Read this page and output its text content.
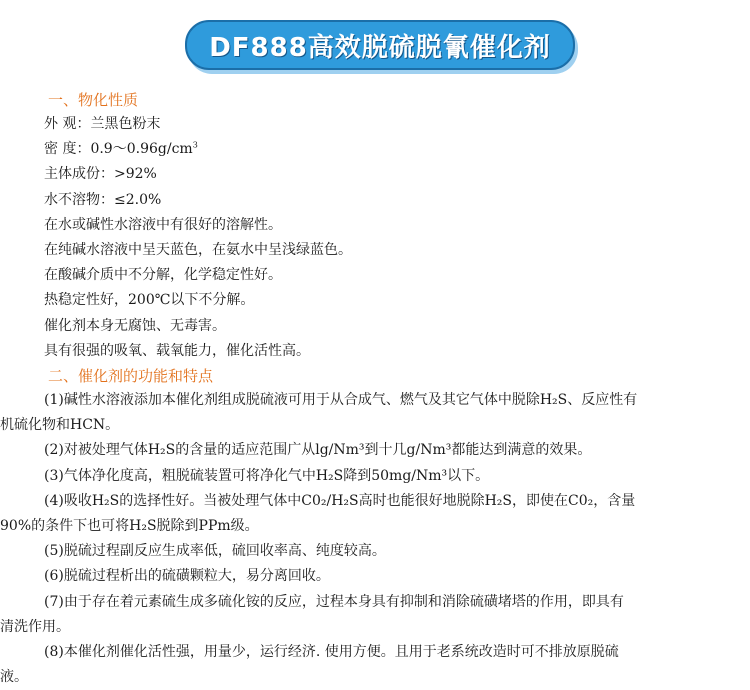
DF888高效脱硫脱氰催化剂
一、物化性质
外 观：兰黑色粉末
密 度：$0.9\sim 0.96g/cm^3$
主体成份：>92%
水不溶物：≤2.0%
在水或碱性水溶液中有很好的溶解性。
在纯碱水溶液中呈天蓝色，在氨水中呈浅绿蓝色。
在酸碱介质中不分解，化学稳定性好。
热稳定性好，200℃以下不分解。
催化剂本身无腐蚀、无毒害。
具有很强的吸氧、载氧能力，催化活性高。
二、催化剂的功能和特点
(1)碱性水溶液添加本催化剂组成脱硫液可用于从合成气、燃气及其它气体中脱除H₂S、反应性有
机硫化物和HCN。
(2)对被处理气体H₂S的含量的适应范围广从lg/Nm³到十几g/Nm³都能达到满意的效果。
(3)气体净化度高，粗脱硫装置可将净化气中H₂S降到50mg/Nm³以下。
(4)吸收H₂S的选择性好。当被处理气体中C0₂/H₂S高时也能很好地脱除H₂S，即使在C0₂，含量
90%的条件下也可将H₂S脱除到PPm级。
(5)脱硫过程副反应生成率低，硫回收率高、纯度较高。
(6)脱硫过程析出的硫磺颗粒大，易分离回收。
(7)由于存在着元素硫生成多硫化铵的反应，过程本身具有抑制和消除硫磺堵塔的作用，即具有
清洗作用。
(8)本催化剂催化活性强，用量少，运行经济. 使用方便。且用于老系统改造时可不排放原脱硫
液。
